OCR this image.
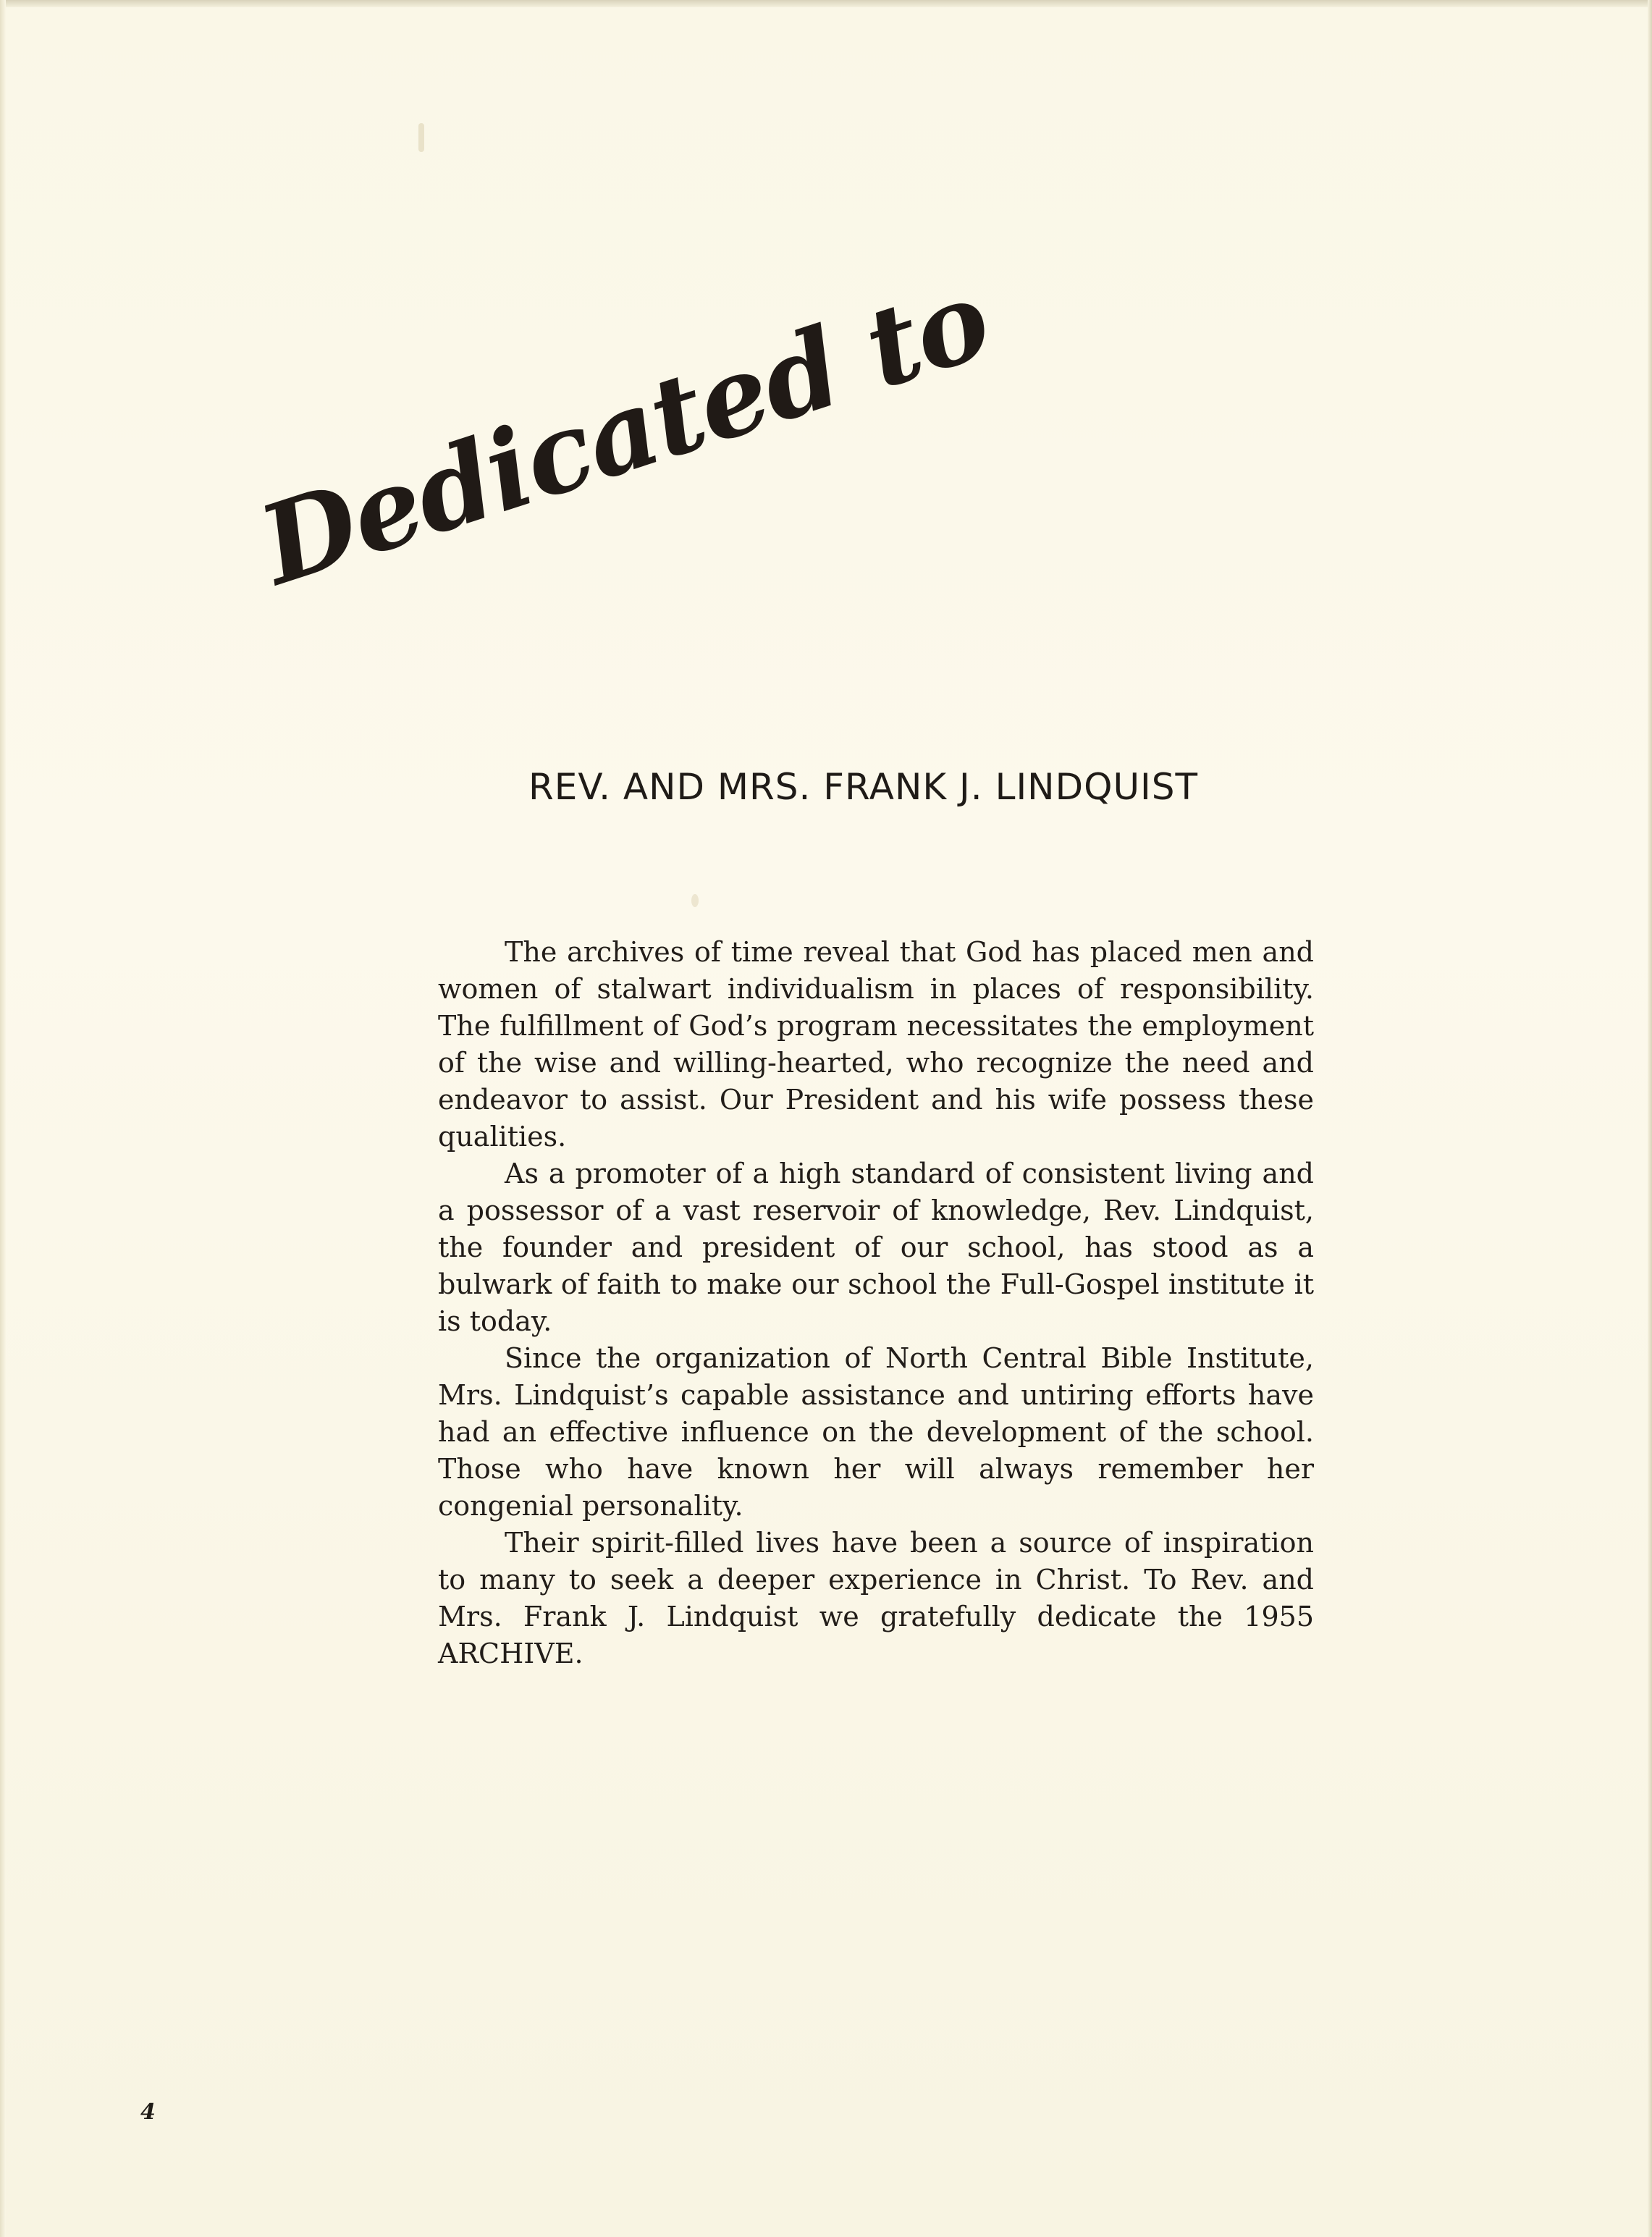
Dedicated to
REV. AND MRS. FRANK J. LINDQUIST

The archives of time reveal that God has placed men and women of stalwart individualism in places of responsibility. The fulfillment of God’s program necessitates the employment of the wise and willing-hearted, who recognize the need and endeavor to assist. Our President and his wife possess these qualities.

As a promoter of a high standard of consistent living and a possessor of a vast reservoir of knowledge, Rev. Lindquist, the founder and president of our school, has stood as a bulwark of faith to make our school the Full-Gospel institute it is today.

Since the organization of North Central Bible Institute, Mrs. Lindquist’s capable assistance and untiring efforts have had an effective influence on the development of the school. Those who have known her will always remember her congenial personality.

Their spirit-filled lives have been a source of inspiration to many to seek a deeper experience in Christ. To Rev. and Mrs. Frank J. Lindquist we gratefully dedicate the 1955 ARCHIVE.

4
